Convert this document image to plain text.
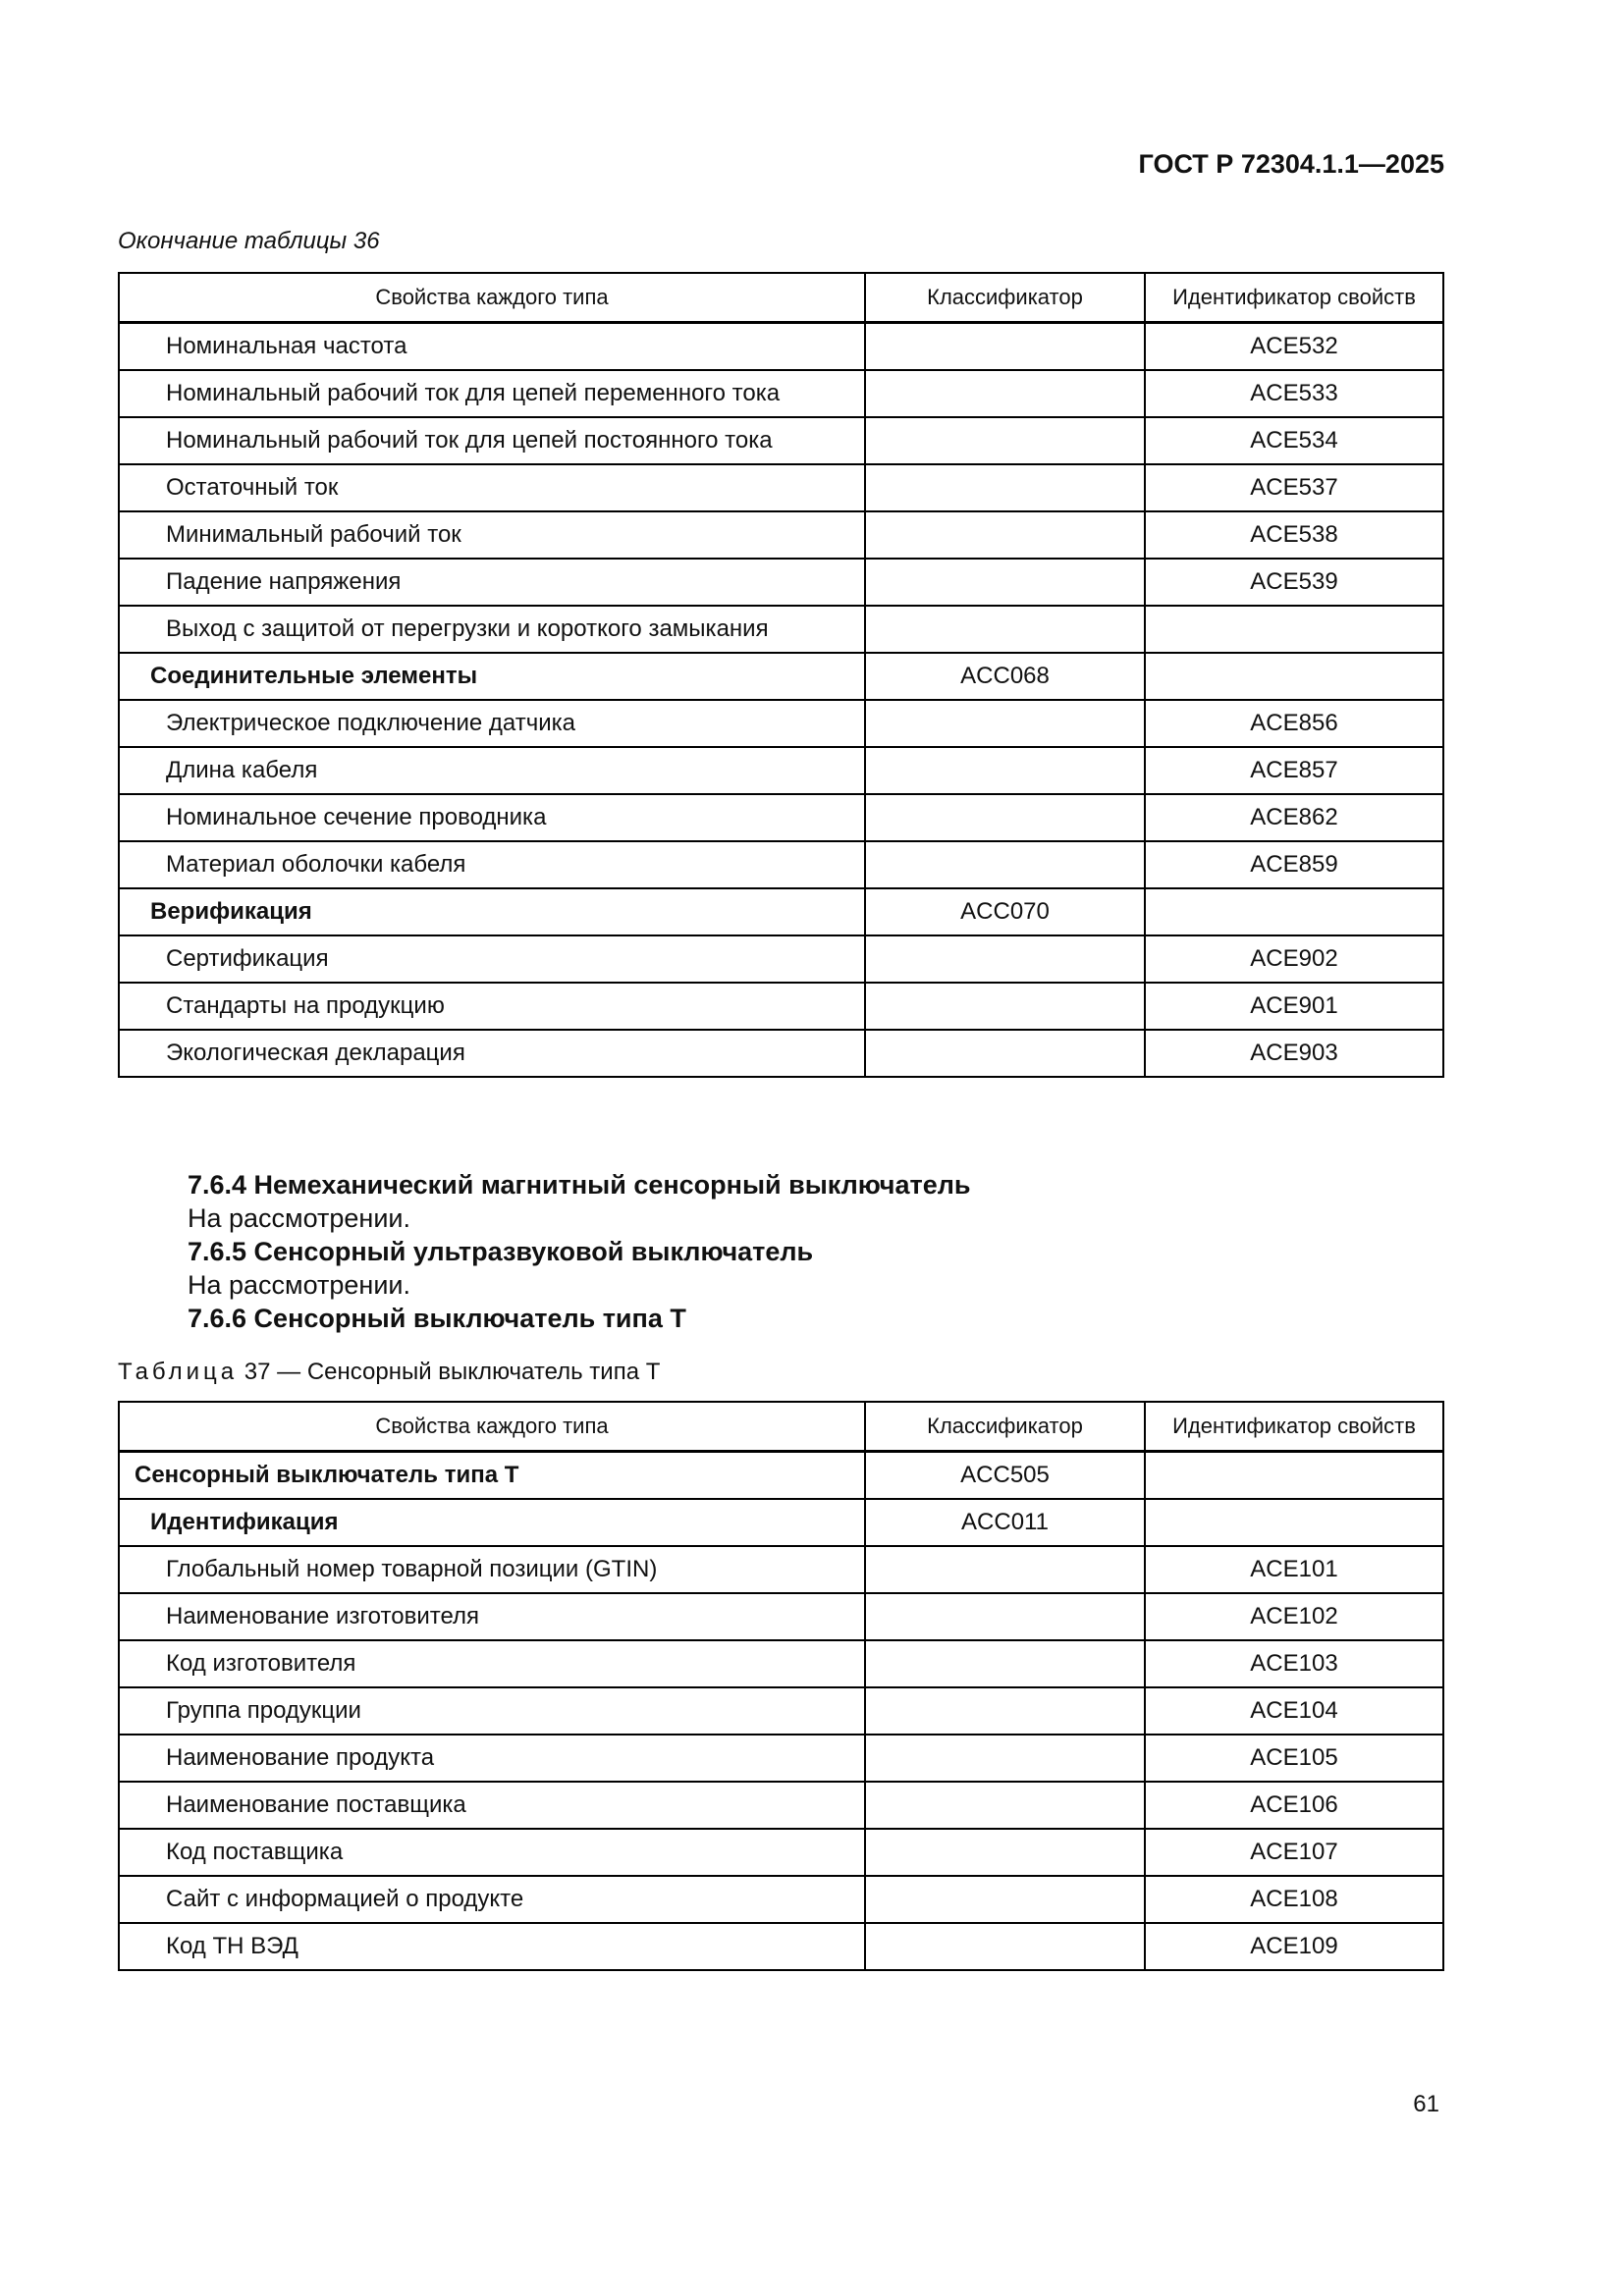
ГОСТ Р 72304.1.1—2025
Окончание таблицы 36
Свойства каждого типа	Классификатор	Идентификатор свойств
Номинальная частота		ACE532
Номинальный рабочий ток для цепей переменного тока		ACE533
Номинальный рабочий ток для цепей постоянного тока		ACE534
Остаточный ток		ACE537
Минимальный рабочий ток		ACE538
Падение напряжения		ACE539
Выход с защитой от перегрузки и короткого замыкания		
Соединительные элементы	ACC068	
Электрическое подключение датчика		ACE856
Длина кабеля		ACE857
Номинальное сечение проводника		ACE862
Материал оболочки кабеля		ACE859
Верификация	ACC070	
Сертификация		ACE902
Стандарты на продукцию		ACE901
Экологическая декларация		ACE903
7.6.4 Немеханический магнитный сенсорный выключатель
На рассмотрении.
7.6.5 Сенсорный ультразвуковой выключатель
На рассмотрении.
7.6.6 Сенсорный выключатель типа T
Таблица 37 — Сенсорный выключатель типа Т
Свойства каждого типа	Классификатор	Идентификатор свойств
Сенсорный выключатель типа Т	ACC505	
Идентификация	ACC011	
Глобальный номер товарной позиции (GTIN)		ACE101
Наименование изготовителя		ACE102
Код изготовителя		ACE103
Группа продукции		ACE104
Наименование продукта		ACE105
Наименование поставщика		ACE106
Код поставщика		ACE107
Сайт с информацией о продукте		ACE108
Код ТН ВЭД		ACE109
61
